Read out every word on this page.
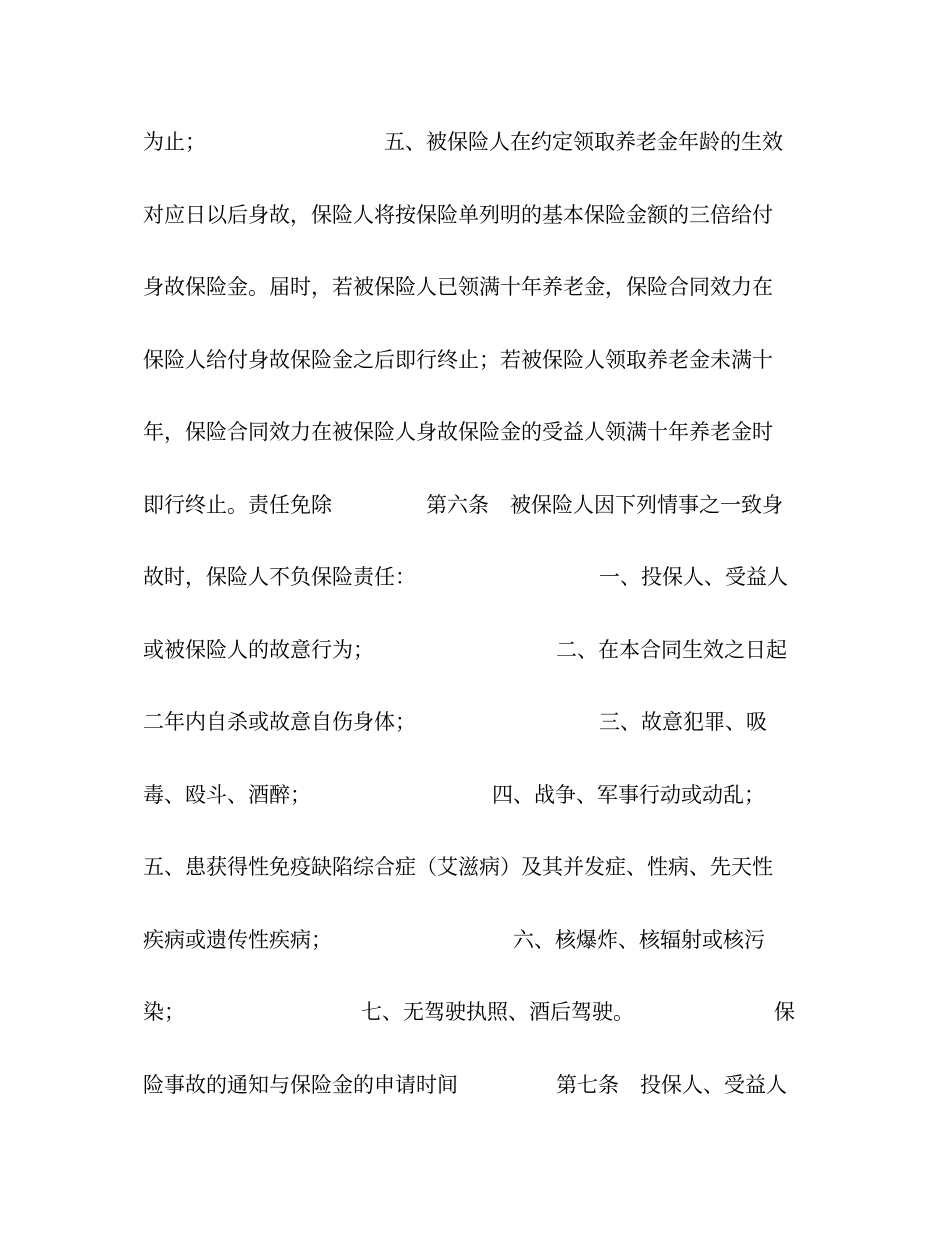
为止；

	五、被保险人在约定领取养老金年龄的生效

对应日以后身故，保险人将按保险单列明的基本保险金额的三倍给付

身故保险金。届时，若被保险人已领满十年养老金，保险合同效力在

保险人给付身故保险金之后即行终止；若被保险人领取养老金未满十

年，保险合同效力在被保险人身故保险金的受益人领满十年养老金时

即行终止。责任免除

	第六条　被保险人因下列情事之一致身

故时，保险人不负保险责任：

	一、投保人、受益人

或被保险人的故意行为；

	二、在本合同生效之日起

二年内自杀或故意自伤身体；

	三、故意犯罪、吸

毒、殴斗、酒醉；

	四、战争、军事行动或动乱；

五、患获得性免疫缺陷综合症（艾滋病）及其并发症、性病、先天性

疾病或遗传性疾病；

	六、核爆炸、核辐射或核污

染；

	七、无驾驶执照、酒后驾驶。

	保

险事故的通知与保险金的申请时间

	第七条　投保人、受益人
